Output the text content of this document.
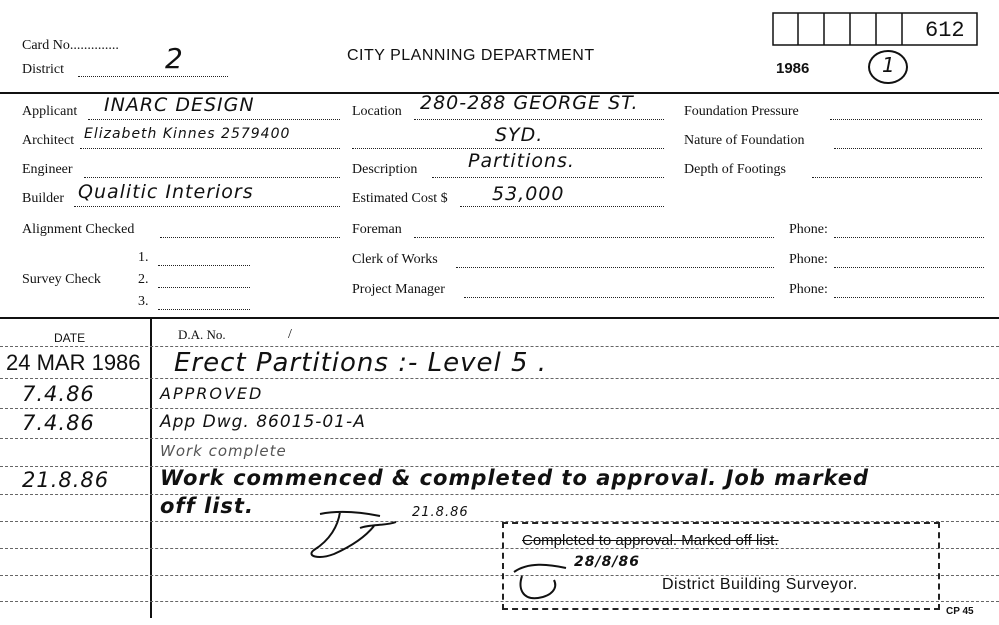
Card No..............
District	2	CITY PLANNING DEPARTMENT
612
1986	1
Applicant INARC DESIGN
Architect Elizabeth Kinnes 2579400
Engineer
Builder Qualitic Interiors
Alignment Checked
Survey Check
1.
2.
3.
Location 280-288 GEORGE ST.
SYD.
Description	Partitions.
Estimated Cost $ 53,000
Foreman
Clerk of Works
Project Manager
Phone:
Phone:
Phone:
Foundation Pressure
Nature of Foundation
Depth of Footings
DATE	D.A. No.	/
24 MAR 1986 Erect Partitions :- Level 5 .
7.4.86	APPROVED
7.4.86	App Dwg. 86015-01-A
Work complete
21.8.86 Work commenced & completed to approval. Job marked
off list.	21.8.86
Completed to approval. Marked off list.
District Building Surveyor.
28/8/86
CP 45
